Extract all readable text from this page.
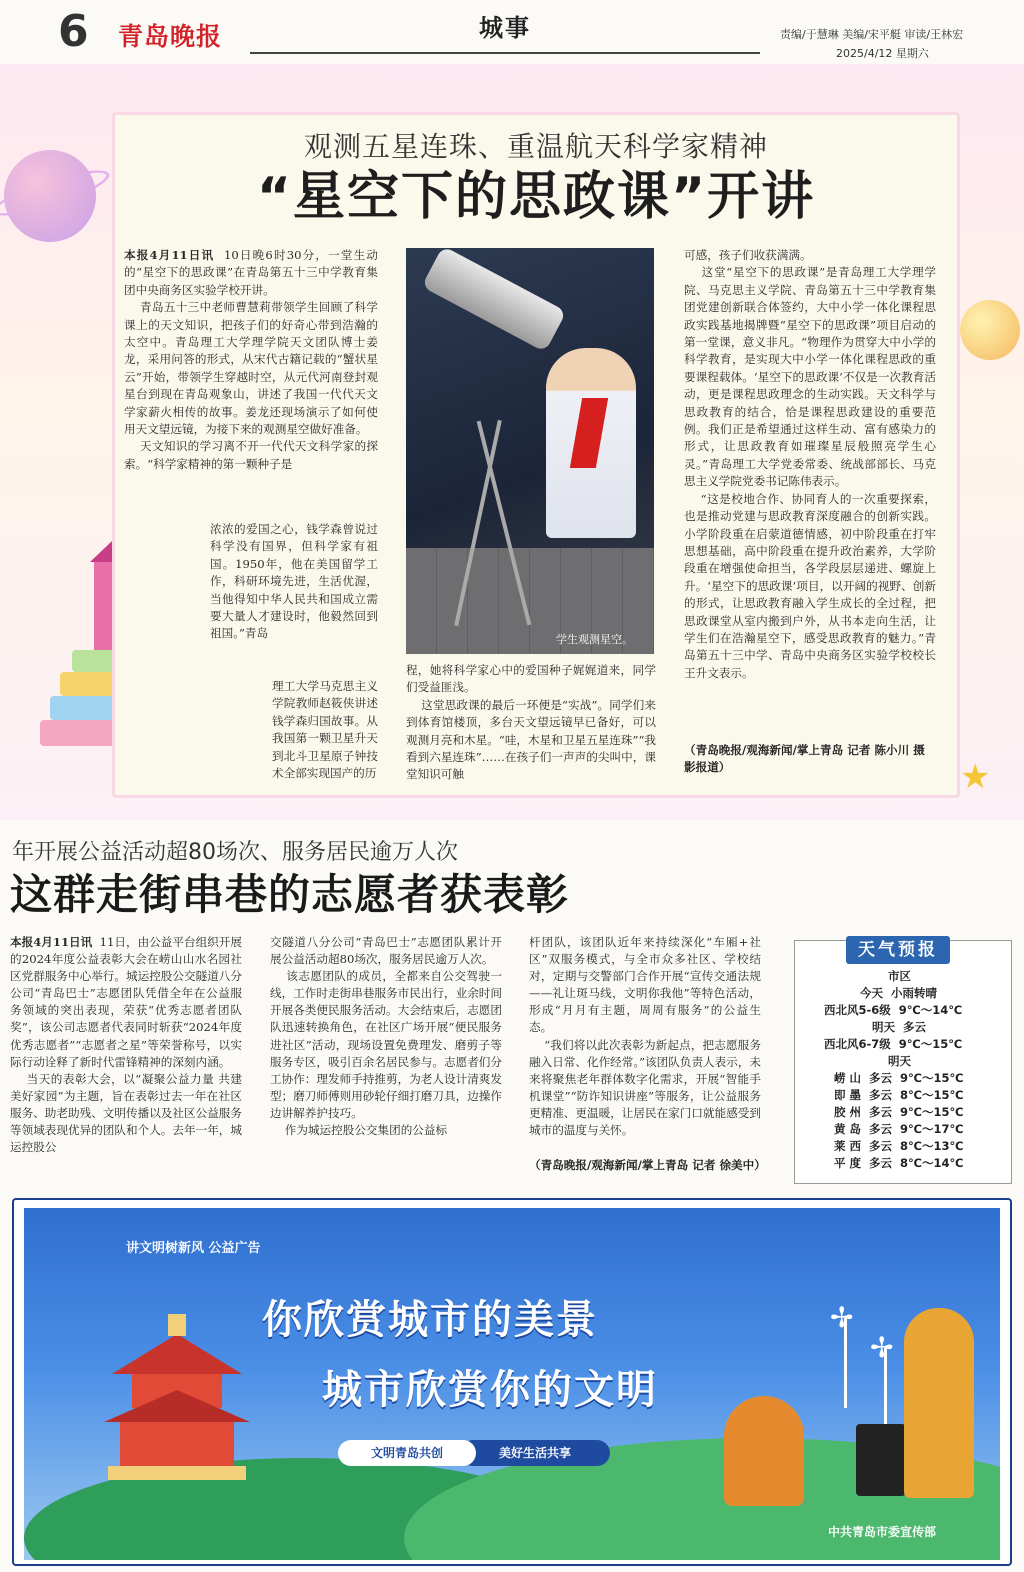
6 青岛晚报	城事	责编/于慧琳 美编/宋平艇 审读/王林宏
2025/4/12 星期六
★
观测五星连珠、重温航天科学家精神
“星空下的思政课”开讲

本报4月11日讯 10日晚6时30分，一堂生动的“星空下的思政课”在青岛第五十三中学教育集团中央商务区实验学校开讲。

青岛五十三中老师曹慧莉带领学生回顾了科学课上的天文知识，把孩子们的好奇心带到浩瀚的太空中。青岛理工大学理学院天文团队博士姜龙，采用问答的形式，从宋代古籍记载的“蟹状星云”开始，带领学生穿越时空，从元代河南登封观星台到现在青岛观象山，讲述了我国一代代天文学家薪火相传的故事。姜龙还现场演示了如何使用天文望远镜，为接下来的观测星空做好准备。

天文知识的学习离不开一代代天文科学家的探索。“科学家精神的第一颗种子是

浓浓的爱国之心，钱学森曾说过科学没有国界，但科学家有祖国。1950年，他在美国留学工作，科研环境先进，生活优渥，当他得知中华人民共和国成立需要大量人才建设时，他毅然回到祖国。”青岛

理工大学马克思主义学院教师赵筱侠讲述钱学森归国故事。从我国第一颗卫星升天到北斗卫星原子钟技术全部实现国产的历

学生观测星空。

程，她将科学家心中的爱国种子娓娓道来，同学们受益匪浅。

这堂思政课的最后一环便是“实战”。同学们来到体育馆楼顶，多台天文望远镜早已备好，可以观测月亮和木星。“哇，木星和卫星五星连珠”“我看到六星连珠”……在孩子们一声声的尖叫中，课堂知识可触

可感，孩子们收获满满。

这堂“星空下的思政课”是青岛理工大学理学院、马克思主义学院、青岛第五十三中学教育集团党建创新联合体签约，大中小学一体化课程思政实践基地揭牌暨“星空下的思政课”项目启动的第一堂课，意义非凡。“物理作为贯穿大中小学的科学教育，是实现大中小学一体化课程思政的重要课程载体。‘星空下的思政课’不仅是一次教育活动，更是课程思政理念的生动实践。天文科学与思政教育的结合，恰是课程思政建设的重要范例。我们正是希望通过这样生动、富有感染力的形式，让思政教育如璀璨星辰般照亮学生心灵。”青岛理工大学党委常委、统战部部长、马克思主义学院党委书记陈伟表示。

“这是校地合作、协同育人的一次重要探索，也是推动党建与思政教育深度融合的创新实践。小学阶段重在启蒙道德情感，初中阶段重在打牢思想基础，高中阶段重在提升政治素养，大学阶段重在增强使命担当，各学段层层递进、螺旋上升。‘星空下的思政课’项目，以开阔的视野、创新的形式，让思政教育融入学生成长的全过程，把思政课堂从室内搬到户外，从书本走向生活，让学生们在浩瀚星空下，感受思政教育的魅力。”青岛第五十三中学、青岛中央商务区实验学校校长王升文表示。

（青岛晚报/观海新闻/掌上青岛 记者 陈小川 摄影报道）
年开展公益活动超80场次、服务居民逾万人次
这群走街串巷的志愿者获表彰

本报4月11日讯 11日，由公益平台组织开展的2024年度公益表彰大会在崂山山水名园社区党群服务中心举行。城运控股公交隧道八分公司“青岛巴士”志愿团队凭借全年在公益服务领域的突出表现，荣获“优秀志愿者团队奖”，该公司志愿者代表同时斩获“2024年度优秀志愿者”“志愿者之星”等荣誉称号，以实际行动诠释了新时代雷锋精神的深刻内涵。

当天的表彰大会，以“凝聚公益力量 共建美好家园”为主题，旨在表彰过去一年在社区服务、助老助残、文明传播以及社区公益服务等领域表现优异的团队和个人。去年一年，城运控股公

交隧道八分公司“青岛巴士”志愿团队累计开展公益活动超80场次，服务居民逾万人次。

该志愿团队的成员，全都来自公交驾驶一线，工作时走街串巷服务市民出行，业余时间开展各类便民服务活动。大会结束后，志愿团队迅速转换角色，在社区广场开展“便民服务进社区”活动，现场设置免费理发、磨剪子等服务专区，吸引百余名居民参与。志愿者们分工协作：理发师手持推剪，为老人设计清爽发型；磨刀师傅则用砂轮仔细打磨刀具，边操作边讲解养护技巧。

作为城运控股公交集团的公益标

杆团队，该团队近年来持续深化“车厢+社区”双服务模式，与全市众多社区、学校结对，定期与交警部门合作开展“宣传交通法规——礼让斑马线，文明你我他”等特色活动，形成“月月有主题，周周有服务”的公益生态。

“我们将以此次表彰为新起点，把志愿服务融入日常、化作经常。”该团队负责人表示，未来将聚焦老年群体数字化需求，开展“智能手机课堂”“防诈知识讲座”等服务，让公益服务更精准、更温暖，让居民在家门口就能感受到城市的温度与关怀。

（青岛晚报/观海新闻/掌上青岛 记者 徐美中）
天气预报
市区
今天  小雨转晴
西北风5-6级  9℃～14℃
明天  多云
西北风6-7级  9℃～15℃
明天
崂 山  多云  9℃～15℃
即 墨  多云  8℃～15℃
胶 州  多云  9℃～15℃
黄 岛  多云  9℃～17℃
莱 西  多云  8℃～13℃
平 度  多云  8℃～14℃
✢
✢
讲文明树新风 公益广告
你欣赏城市的美景
城市欣赏你的文明
美好生活共享
文明青岛共创
中共青岛市委宣传部
